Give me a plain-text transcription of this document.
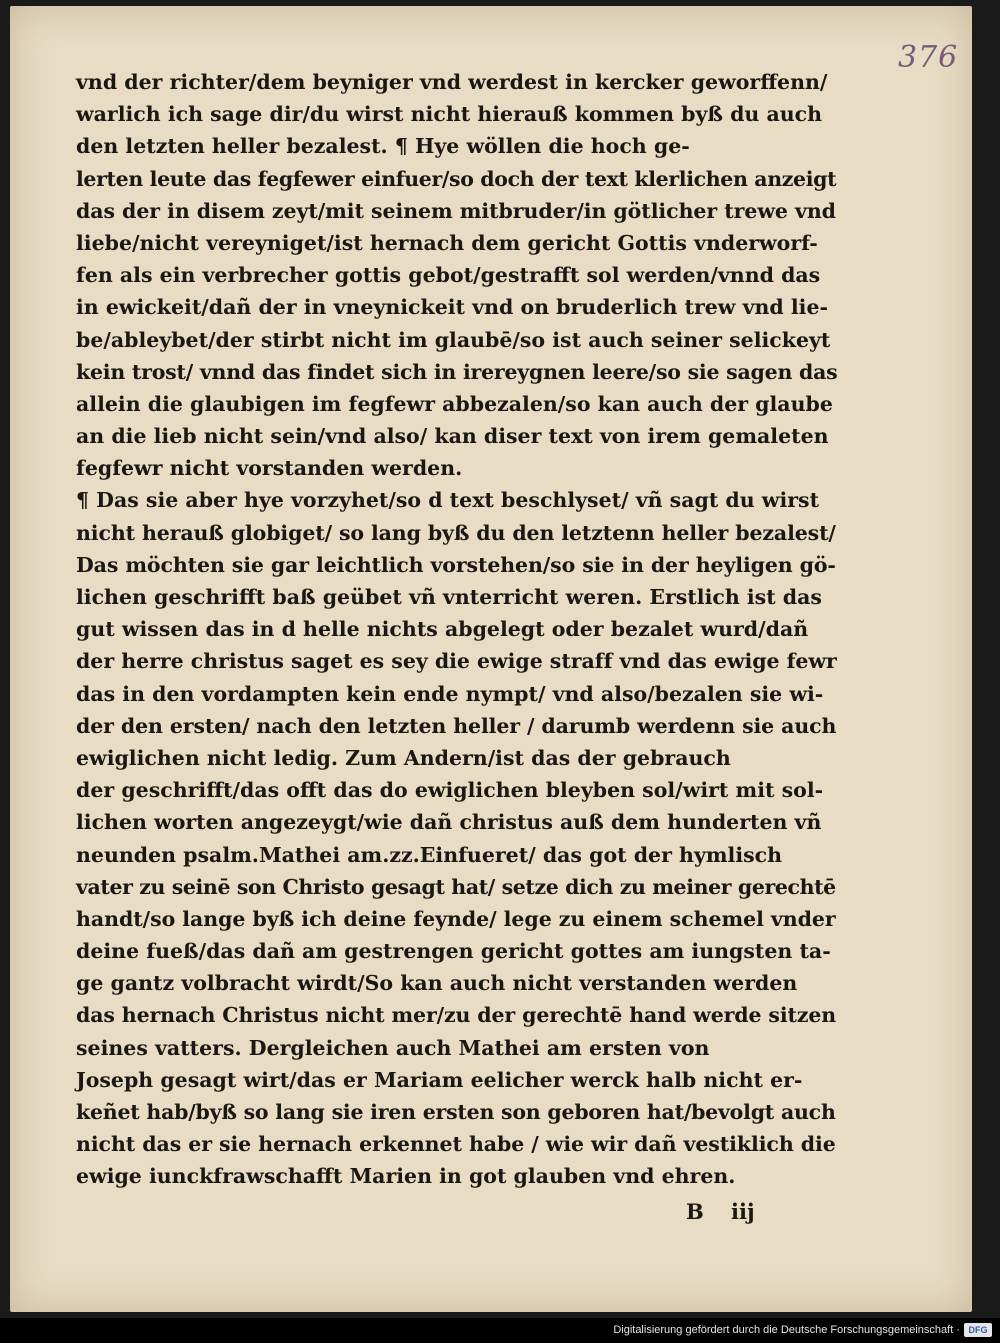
376
vnd der richter/dem beyniger vnd werdest in kercker geworffenn/
warlich ich sage dir/du wirst nicht hierauß kommen byß du auch
den letzten heller bezalest. ¶ Hye wöllen die hoch ge-
lerten leute das fegfewer einfuer/so doch der text klerlichen anzeigt
das der in disem zeyt/mit seinem mitbruder/in götlicher trewe vnd
liebe/nicht vereyniget/ist hernach dem gericht Gottis vnderworf-
fen als ein verbrecher gottis gebot/gestrafft sol werden/vnnd das
in ewickeit/dañ der in vneynickeit vnd on bruderlich trew vnd lie-
be/ableybet/der stirbt nicht im glaubē/so ist auch seiner selickeyt
kein trost/ vnnd das findet sich in irereygnen leere/so sie sagen das
allein die glaubigen im fegfewr abbezalen/so kan auch der glaube
an die lieb nicht sein/vnd also/ kan diser text von irem gemaleten
fegfewr nicht vorstanden werden.
¶ Das sie aber hye vorzyhet/so d text beschlyset/ vñ sagt du wirst
nicht herauß globiget/ so lang byß du den letztenn heller bezalest/
Das möchten sie gar leichtlich vorstehen/so sie in der heyligen gö-
lichen geschrifft baß geübet vñ vnterricht weren. Erstlich ist das
gut wissen das in d helle nichts abgelegt oder bezalet wurd/dañ
der herre christus saget es sey die ewige straff vnd das ewige fewr
das in den vordampten kein ende nympt/ vnd also/bezalen sie wi-
der den ersten/ nach den letzten heller / darumb werdenn sie auch
ewiglichen nicht ledig. Zum Andern/ist das der gebrauch
der geschrifft/das offt das do ewiglichen bleyben sol/wirt mit sol-
lichen worten angezeygt/wie dañ christus auß dem hunderten vñ
neunden psalm.Mathei am.zz.Einfueret/ das got der hymlisch
vater zu seinē son Christo gesagt hat/ setze dich zu meiner gerechtē
handt/so lange byß ich deine feynde/ lege zu einem schemel vnder
deine fueß/das dañ am gestrengen gericht gottes am iungsten ta-
ge gantz volbracht wirdt/So kan auch nicht verstanden werden
das hernach Christus nicht mer/zu der gerechtē hand werde sitzen
seines vatters. Dergleichen auch Mathei am ersten von
Joseph gesagt wirt/das er Mariam eelicher werck halb nicht er-
keñet hab/byß so lang sie iren ersten son geboren hat/bevolgt auch
nicht das er sie hernach erkennet habe / wie wir dañ vestiklich die
ewige iunckfrawschafft Marien in got glauben vnd ehren.
B iij
Digitalisierung gefördert durch die Deutsche Forschungsgemeinschaft · DFG
